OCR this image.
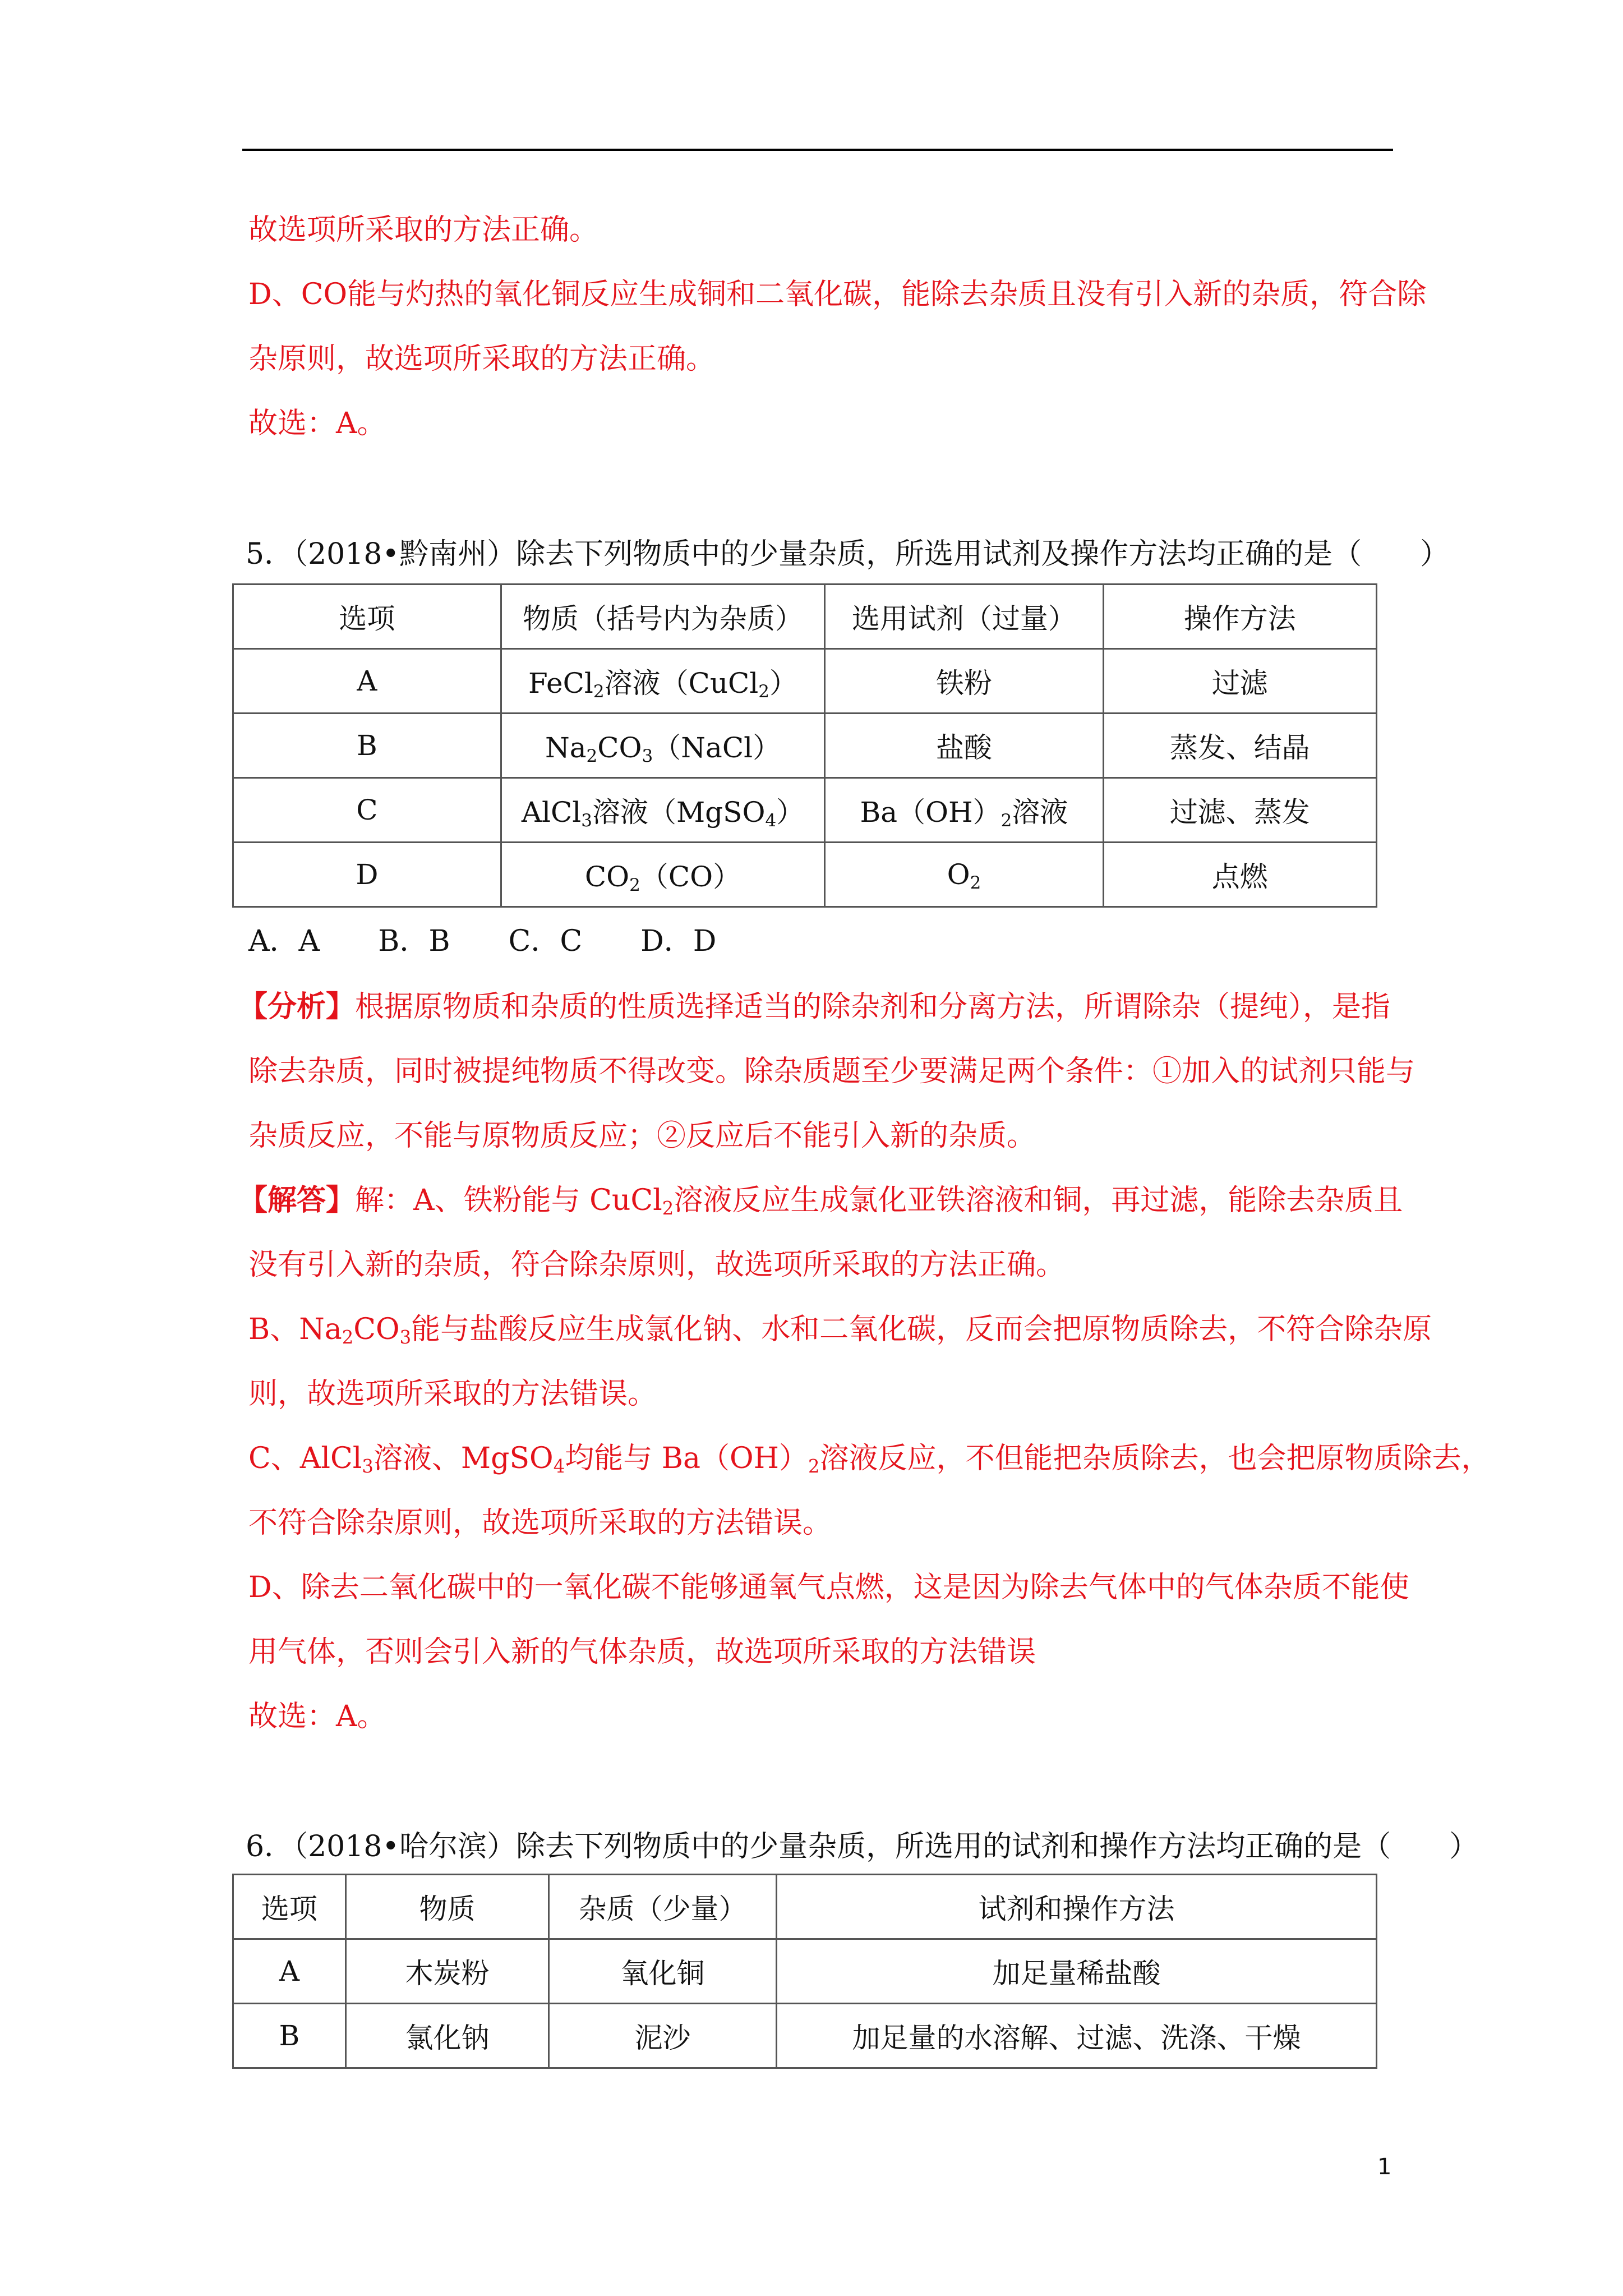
故选项所采取的方法正确。
D、CO能与灼热的氧化铜反应生成铜和二氧化碳，能除去杂质且没有引入新的杂质，符合除
杂原则，故选项所采取的方法正确。
故选：A。
5．（2018•黔南州）除去下列物质中的少量杂质，所选用试剂及操作方法均正确的是（　　）
选项	物质（括号内为杂质）	选用试剂（过量）	操作方法
A	FeCl$_2$溶液（CuCl$_2$）	铁粉	过滤
B	$Na_2CO_3(NaCl)$	盐酸	蒸发、结晶
C	AlCl$_3$溶液（MgSO$_4$）	$Ba(OH)_2$溶液	过滤、蒸发
D	$CO_2(CO)$	$O_2$	点燃
A．A　　B．B　　C．C　　D．D
【分析】根据原物质和杂质的性质选择适当的除杂剂和分离方法，所谓除杂（提纯），是指
除去杂质，同时被提纯物质不得改变。除杂质题至少要满足两个条件：①加入的试剂只能与
杂质反应，不能与原物质反应；②反应后不能引入新的杂质。
【解答】解：A、铁粉能与 CuCl$_2$溶液反应生成氯化亚铁溶液和铜，再过滤，能除去杂质且
没有引入新的杂质，符合除杂原则，故选项所采取的方法正确。
B、$Na_2CO_3$能与盐酸反应生成氯化钠、水和二氧化碳，反而会把原物质除去，不符合除杂原
则，故选项所采取的方法错误。
C、AlCl$_3$溶液、MgSO$_4$均能与 $Ba(OH)_2$溶液反应，不但能把杂质除去，也会把原物质除去，
不符合除杂原则，故选项所采取的方法错误。
D、除去二氧化碳中的一氧化碳不能够通氧气点燃，这是因为除去气体中的气体杂质不能使
用气体，否则会引入新的气体杂质，故选项所采取的方法错误
故选：A。
6．（2018•哈尔滨）除去下列物质中的少量杂质，所选用的试剂和操作方法均正确的是（　　）
选项	物质	杂质（少量）	试剂和操作方法
A	木炭粉	氧化铜	加足量稀盐酸
B	氯化钠	泥沙	加足量的水溶解、过滤、洗涤、干燥
1
